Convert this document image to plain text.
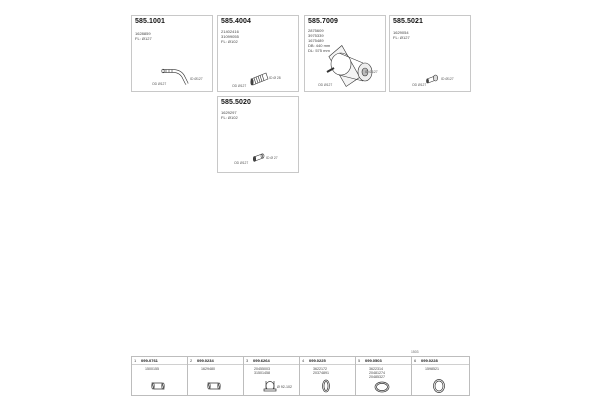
585.1001
1628859
FL: Ø127
ID Ø127
OD Ø127
585.4004
21402416
31099055
FL: Ø102
ID Ø 28
OD Ø127
585.7009
2875609
3975339
1675489
DB: 440 mm
DL: 575 mm
ID Ø127
OD Ø127
585.5021
1629054
FL: Ø127
ID Ø127
OD Ø127
585.5020
1629297
FL: Ø102
ID Ø 27
OD Ø127
1503
1 099-0761
1500155
2 099.0234
1629480
3 099.6264
20455003
31501458
Ø 92-102
4 099.0225
3622172
20374891
5 099.0503
3622314
20481274
20485327
6 099.0228
1598521
